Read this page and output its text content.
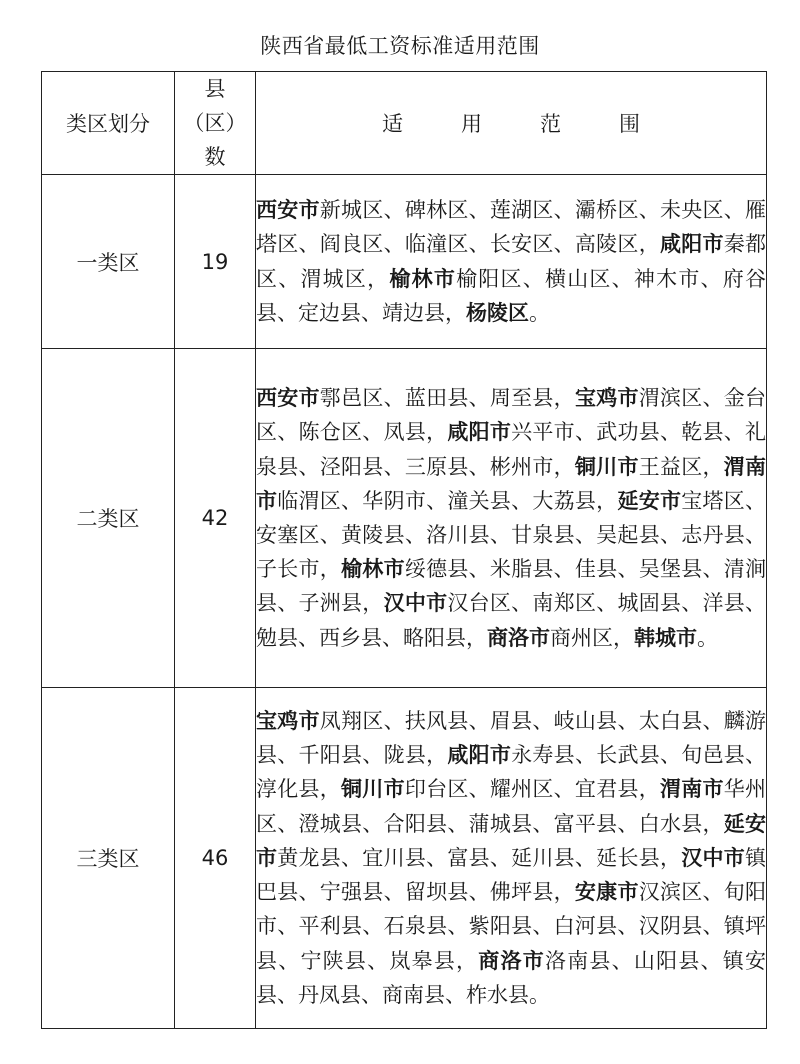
陕西省最低工资标准适用范围
类区划分	县
（区）
数	适 用 范 围
一类区	19	西安市新城区、碑林区、莲湖区、灞桥区、未央区、雁塔区、阎良区、临潼区、长安区、高陵区，咸阳市秦都区、渭城区，榆林市榆阳区、横山区、神木市、府谷县、定边县、靖边县，杨陵区。
二类区	42	西安市鄠邑区、蓝田县、周至县，宝鸡市渭滨区、金台区、陈仓区、凤县，咸阳市兴平市、武功县、乾县、礼泉县、泾阳县、三原县、彬州市，铜川市王益区，渭南市临渭区、华阴市、潼关县、大荔县，延安市宝塔区、安塞区、黄陵县、洛川县、甘泉县、吴起县、志丹县、子长市，榆林市绥德县、米脂县、佳县、吴堡县、清涧县、子洲县，汉中市汉台区、南郑区、城固县、洋县、勉县、西乡县、略阳县，商洛市商州区，韩城市。
三类区	46	宝鸡市凤翔区、扶风县、眉县、岐山县、太白县、麟游县、千阳县、陇县，咸阳市永寿县、长武县、旬邑县、淳化县，铜川市印台区、耀州区、宜君县，渭南市华州区、澄城县、合阳县、蒲城县、富平县、白水县，延安市黄龙县、宜川县、富县、延川县、延长县，汉中市镇巴县、宁强县、留坝县、佛坪县，安康市汉滨区、旬阳市、平利县、石泉县、紫阳县、白河县、汉阴县、镇坪县、宁陕县、岚皋县，商洛市洛南县、山阳县、镇安县、丹凤县、商南县、柞水县。
